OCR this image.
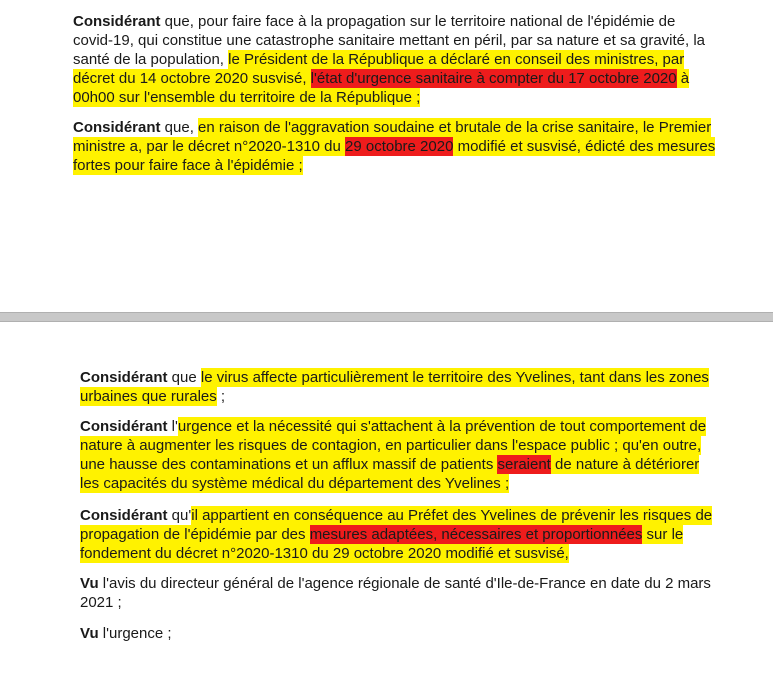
Considérant que, pour faire face à la propagation sur le territoire national de l'épidémie de
covid-19, qui constitue une catastrophe sanitaire mettant en péril, par sa nature et sa gravité, la
santé de la population, le Président de la République a déclaré en conseil des ministres, par
décret du 14 octobre 2020 susvisé, l'état d'urgence sanitaire à compter du 17 octobre 2020 à
00h00 sur l'ensemble du territoire de la République ;

Considérant que, en raison de l'aggravation soudaine et brutale de la crise sanitaire, le Premier
ministre a, par le décret n°2020-1310 du 29 octobre 2020 modifié et susvisé, édicté des mesures
fortes pour faire face à l'épidémie ;

Considérant que le virus affecte particulièrement le territoire des Yvelines, tant dans les zones
urbaines que rurales ;

Considérant l'urgence et la nécessité qui s'attachent à la prévention de tout comportement de
nature à augmenter les risques de contagion, en particulier dans l'espace public ; qu'en outre,
une hausse des contaminations et un afflux massif de patients seraient de nature à détériorer
les capacités du système médical du département des Yvelines ;

Considérant qu'il appartient en conséquence au Préfet des Yvelines de prévenir les risques de
propagation de l'épidémie par des mesures adaptées, nécessaires et proportionnées sur le
fondement du décret n°2020-1310 du 29 octobre 2020 modifié et susvisé,

Vu l'avis du directeur général de l'agence régionale de santé d'Ile-de-France en date du 2 mars
2021 ;

Vu l'urgence ;
